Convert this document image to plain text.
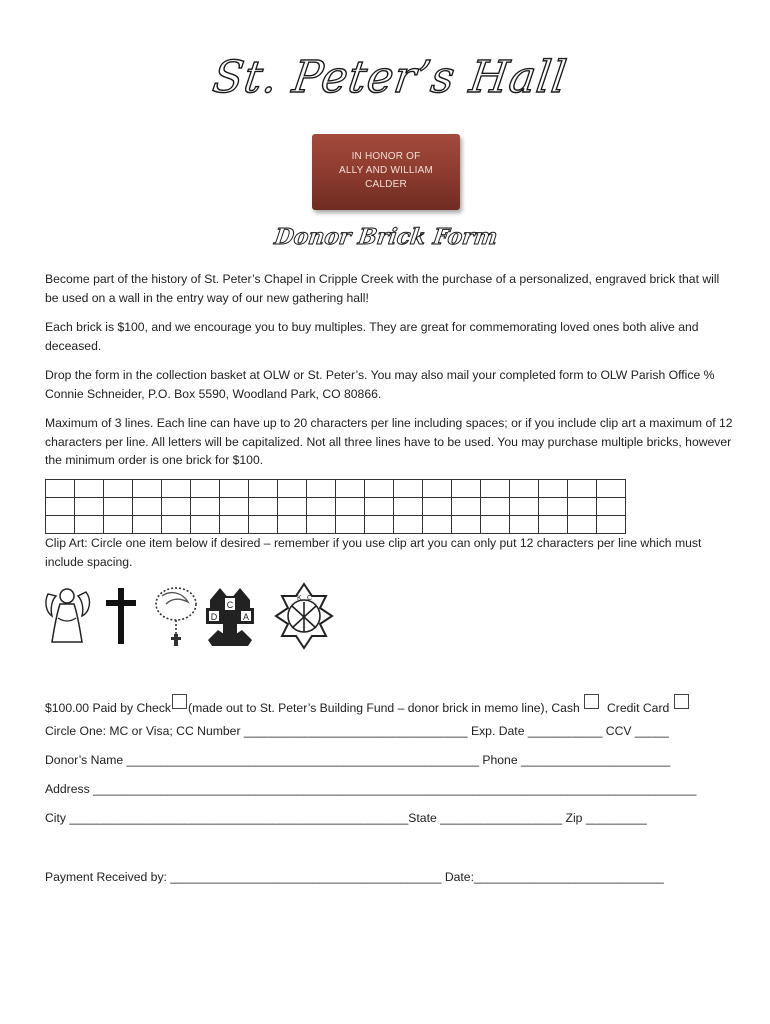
St. Peter’s Hall
IN HONOR OF
ALLY AND WILLIAM
CALDER
Donor Brick Form
Become part of the history of St. Peter’s Chapel in Cripple Creek with the purchase of a personalized, engraved brick that will be used on a wall in the entry way of our new gathering hall!
Each brick is $100, and we encourage you to buy multiples. They are great for commemorating loved ones both alive and deceased.
Drop the form in the collection basket at OLW or St. Peter’s. You may also mail your completed form to OLW Parish Office % Connie Schneider, P.O. Box 5590, Woodland Park, CO 80866.
Maximum of 3 lines. Each line can have up to 20 characters per line including spaces; or if you include clip art a maximum of 12 characters per line. All letters will be capitalized. Not all three lines have to be used. You may purchase multiple bricks, however the minimum order is one brick for $100.

Clip Art: Circle one item below if desired – remember if you use clip art you can only put 12 characters per line which must include spacing.
C
D	A
K C
$100.00 Paid by Check (made out to St. Peter’s Building Fund – donor brick in memo line), Cash Credit Card
Circle One: MC or Visa; CC Number _________________________________ Exp. Date ___________ CCV _____
Donor’s Name ____________________________________________________ Phone ______________________
Address _________________________________________________________________________________________
City __________________________________________________State __________________ Zip _________
Payment Received by: ________________________________________ Date:____________________________
